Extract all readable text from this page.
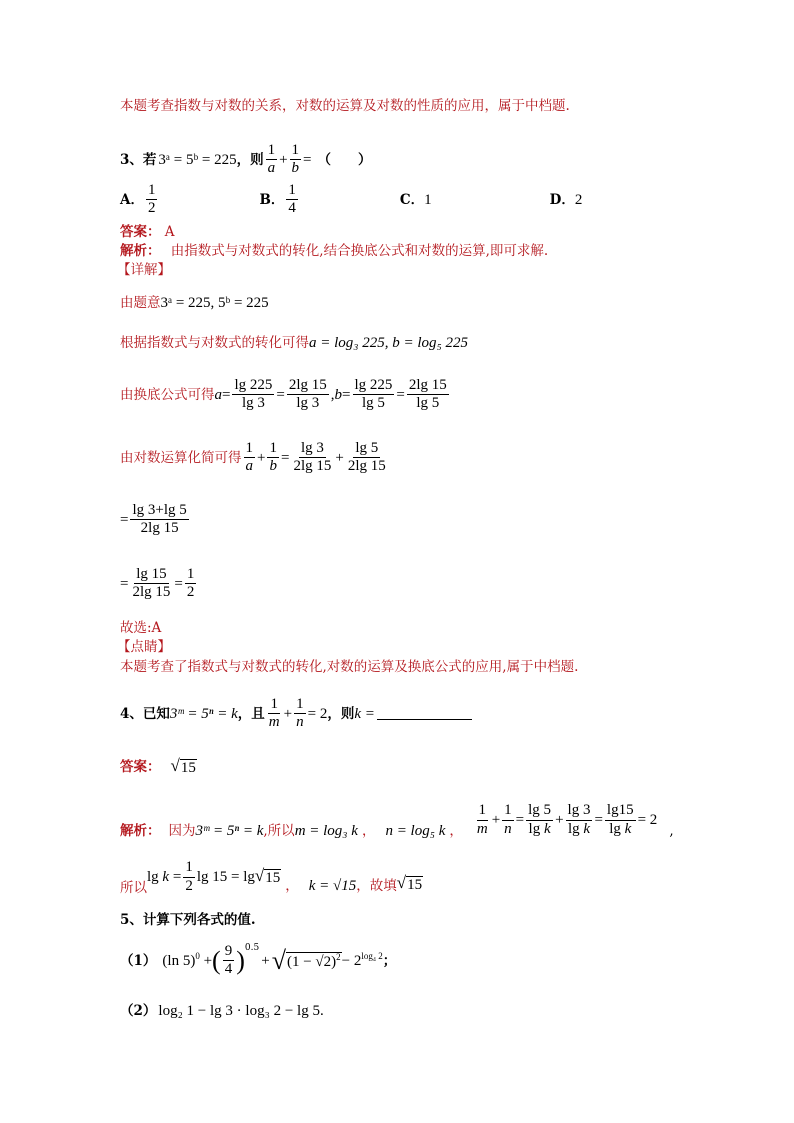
本题考查指数与对数的关系，对数的运算及对数的性质的应用，属于中档题.
3、 若 3ᵃ = 5ᵇ = 225 ，则 $\frac{1}{a} + \frac{1}{b}$ = （　　）
A． $\frac{1}{2}$	B． $\frac{1}{4}$	C． 1	D． 2
答案： A
解析： 由指数式与对数式的转化,结合换底公式和对数的运算,即可求解.
【详解】
由题意 3ᵃ = 225, 5ᵇ = 225
根据指数式与对数式的转化可得 a = log₃ 225, b = log₅ 225
由换底公式可得 $a = \frac{\lg 225}{\lg 3} = \frac{2\lg 15}{\lg 3}$ , $b = \frac{\lg 225}{\lg 5} = \frac{2\lg 15}{\lg 5}$
由对数运算化简可得 $\frac{1}{a} + \frac{1}{b} = \frac{\lg 3}{2\lg 15} + \frac{\lg 5}{2\lg 15}$
= $\frac{\lg 3+\lg 5}{2\lg 15}$
= $\frac{\lg 15}{2\lg 15} = \frac{1}{2}$
故选:A
【点睛】
本题考查了指数式与对数式的转化,对数的运算及换底公式的应用,属于中档题.
4、 已知 3ᵐ = 5ⁿ = k ，且 $\frac{1}{m} + \frac{1}{n} = 2$ ，则 k =
答案： √ 15
解析： 因为 3ᵐ = 5ⁿ = k ,所以 m = log₃ k ， n = log₅ k ， $\frac{1}{m} + \frac{1}{n} = \frac{\lg 5}{\text{lg k}} + \frac{\lg 3}{\text{lg k}} = \frac{\lg 15}{\text{lg k}} = 2$
,
所以
$\lg k = \frac{1}{2}$ lg 15 = lg √ 15 ， k = √15 ，故填 √ 15
5、计算下列各式的值.
（1） (ln 5)$^0$ + ( $\frac{9}{4} )^{0.5}$
+ √ $(1 - √2)^2 - 2^{log_4 2}$ ；
（2） log₂ 1 − lg 3 · log₃ 2 − lg 5.
